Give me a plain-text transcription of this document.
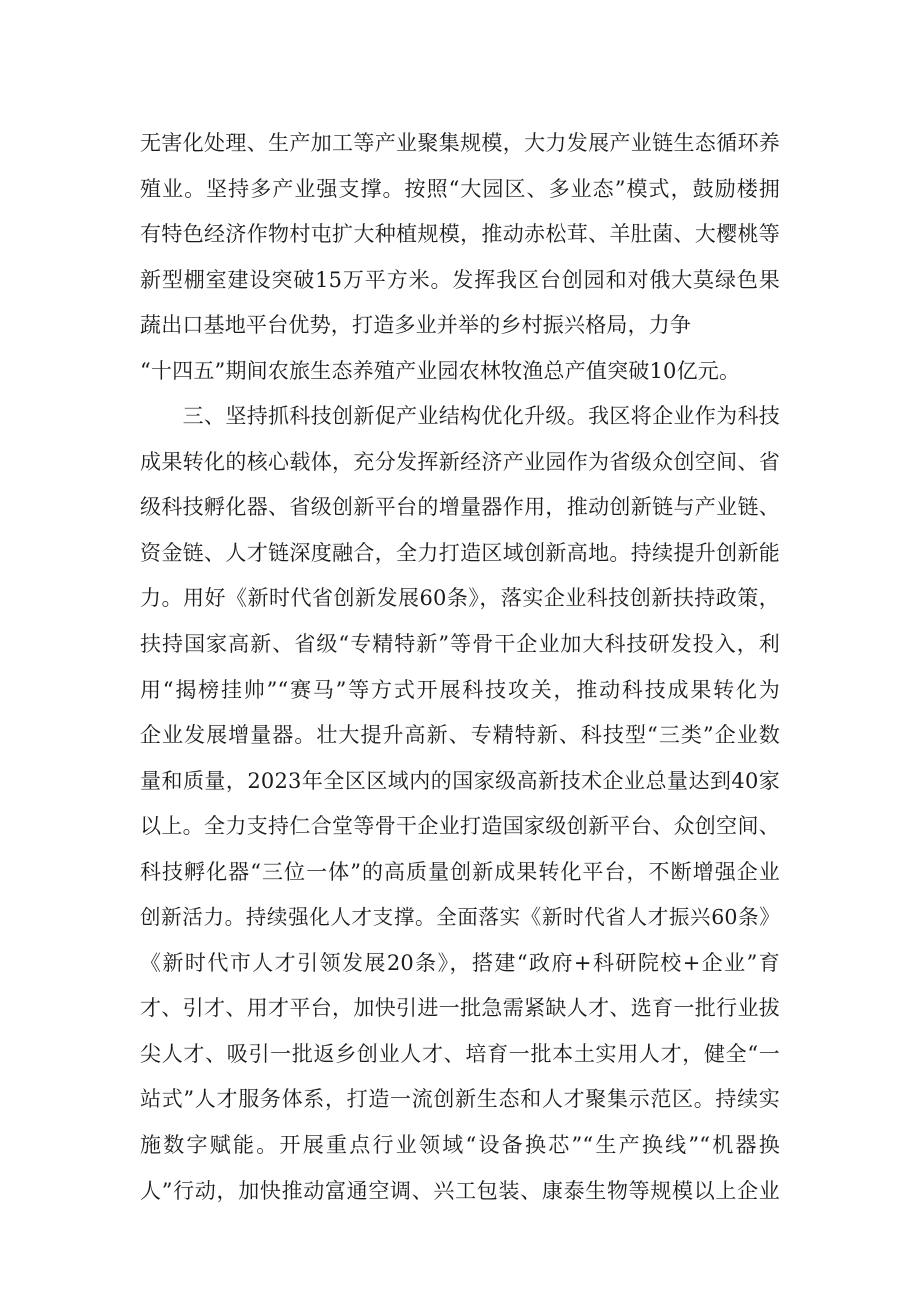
无害化处理、生产加工等产业聚集规模，大力发展产业链生态循环养
殖业。坚持多产业强支撑。按照“大园区、多业态”模式，鼓励楼拥
有特色经济作物村屯扩大种植规模，推动赤松茸、羊肚菌、大樱桃等
新型棚室建设突破15万平方米。发挥我区台创园和对俄大莫绿色果
蔬出口基地平台优势，打造多业并举的乡村振兴格局，力争
“十四五”期间农旅生态养殖产业园农林牧渔总产值突破10亿元。
　　三、坚持抓科技创新促产业结构优化升级。我区将企业作为科技
成果转化的核心载体，充分发挥新经济产业园作为省级众创空间、省
级科技孵化器、省级创新平台的增量器作用，推动创新链与产业链、
资金链、人才链深度融合，全力打造区域创新高地。持续提升创新能
力。用好《新时代省创新发展60条》，落实企业科技创新扶持政策，
扶持国家高新、省级“专精特新”等骨干企业加大科技研发投入，利
用“揭榜挂帅”“赛马”等方式开展科技攻关，推动科技成果转化为
企业发展增量器。壮大提升高新、专精特新、科技型“三类”企业数
量和质量，2023年全区区域内的国家级高新技术企业总量达到40家
以上。全力支持仁合堂等骨干企业打造国家级创新平台、众创空间、
科技孵化器“三位一体”的高质量创新成果转化平台，不断增强企业
创新活力。持续强化人才支撑。全面落实《新时代省人才振兴60条》
《新时代市人才引领发展20条》，搭建“政府+科研院校+企业”育
才、引才、用才平台，加快引进一批急需紧缺人才、选育一批行业拔
尖人才、吸引一批返乡创业人才、培育一批本土实用人才，健全“一
站式”人才服务体系，打造一流创新生态和人才聚集示范区。持续实
施数字赋能。开展重点行业领域“设备换芯”“生产换线”“机器换
人”行动，加快推动富通空调、兴工包装、康泰生物等规模以上企业
